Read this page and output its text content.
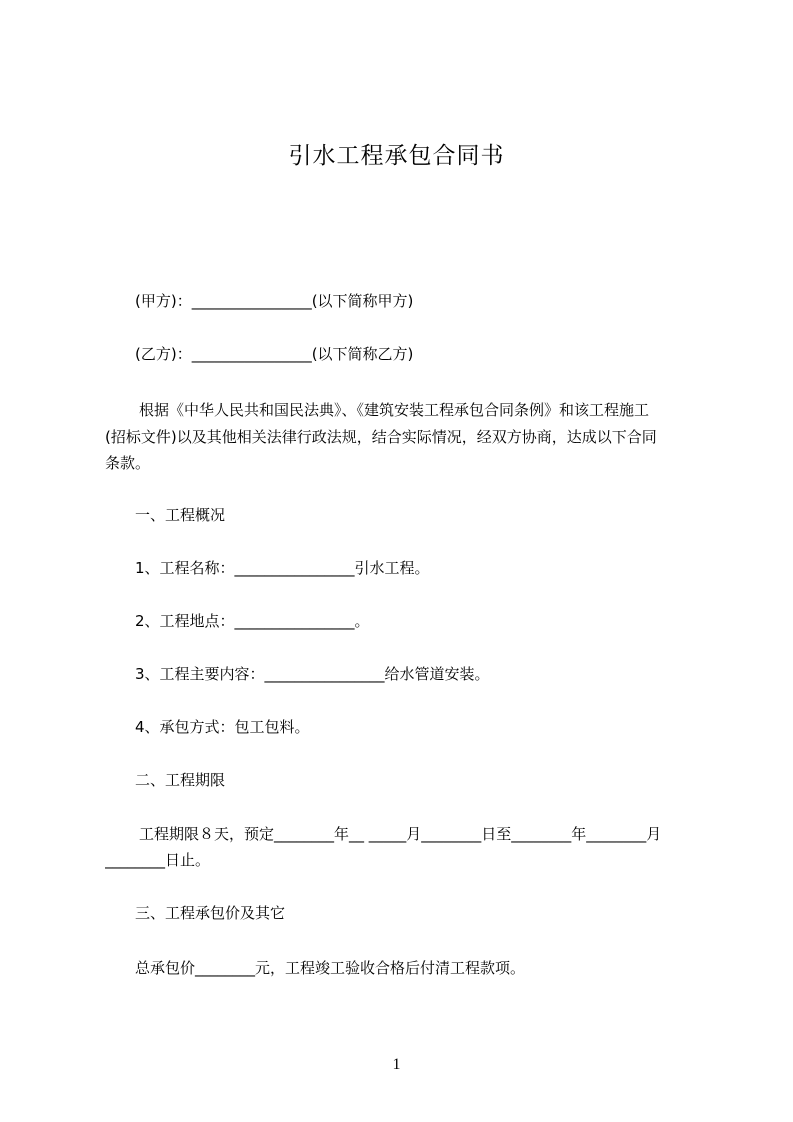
引水工程承包合同书
(甲方)：________________(以下简称甲方)
(乙方)：________________(以下简称乙方)
根据《中华人民共和国民法典》、《建筑安装工程承包合同条例》和该工程施工
(招标文件)以及其他相关法律行政法规，结合实际情况，经双方协商，达成以下合同
条款。
一、工程概况
1、工程名称：________________引水工程。
2、工程地点：________________。
3、工程主要内容：________________给水管道安装。
4、承包方式：包工包料。
二、工程期限
工程期限８天，预定________年__ _____月________日至________年________月
________日止。
三、工程承包价及其它
总承包价________元，工程竣工验收合格后付清工程款项。
1
